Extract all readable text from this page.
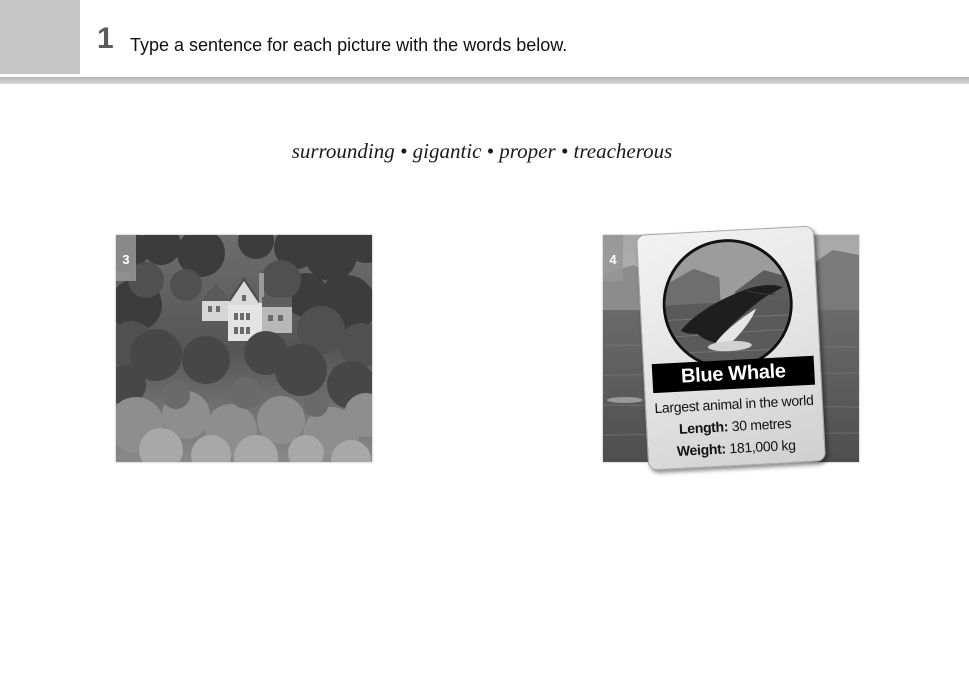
1 Type a sentence for each picture with the words below.
surrounding • gigantic • proper • treacherous
3	4
Blue Whale
Largest animal in the world
Length: 30 metres
Weight: 181,000 kg
